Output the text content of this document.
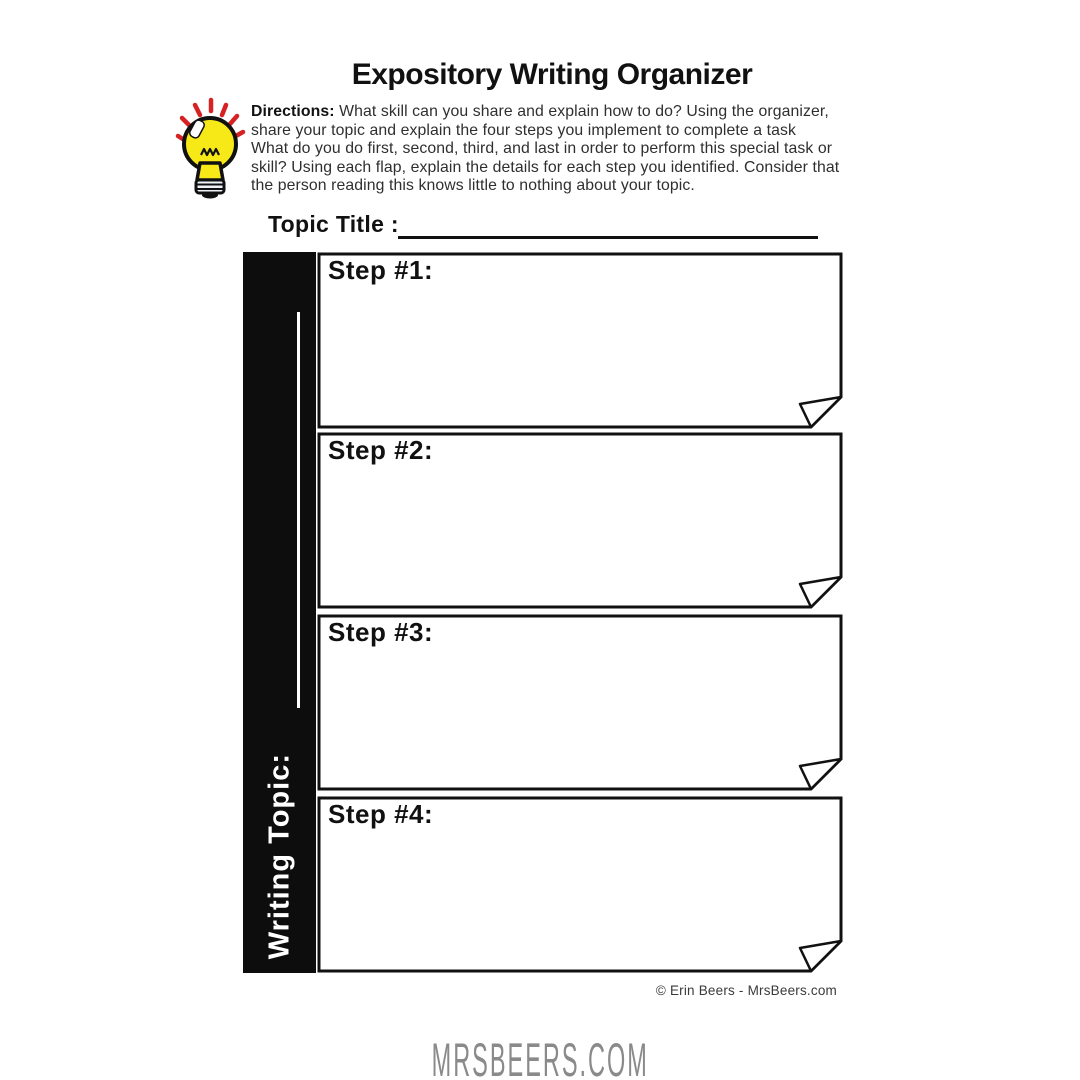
Expository Writing Organizer
Directions: What skill can you share and explain how to do? Using the organizer,
share your topic and explain the four steps you implement to complete a task
What do you do first, second, third, and last in order to perform this special task or
skill? Using each flap, explain the details for each step you identified. Consider that
the person reading this knows little to nothing about your topic.
Topic Title :
Writing Topic:
Step #1:
Step #2:
Step #3:
Step #4:
© Erin Beers - MrsBeers.com
MRSBEERS.COM
